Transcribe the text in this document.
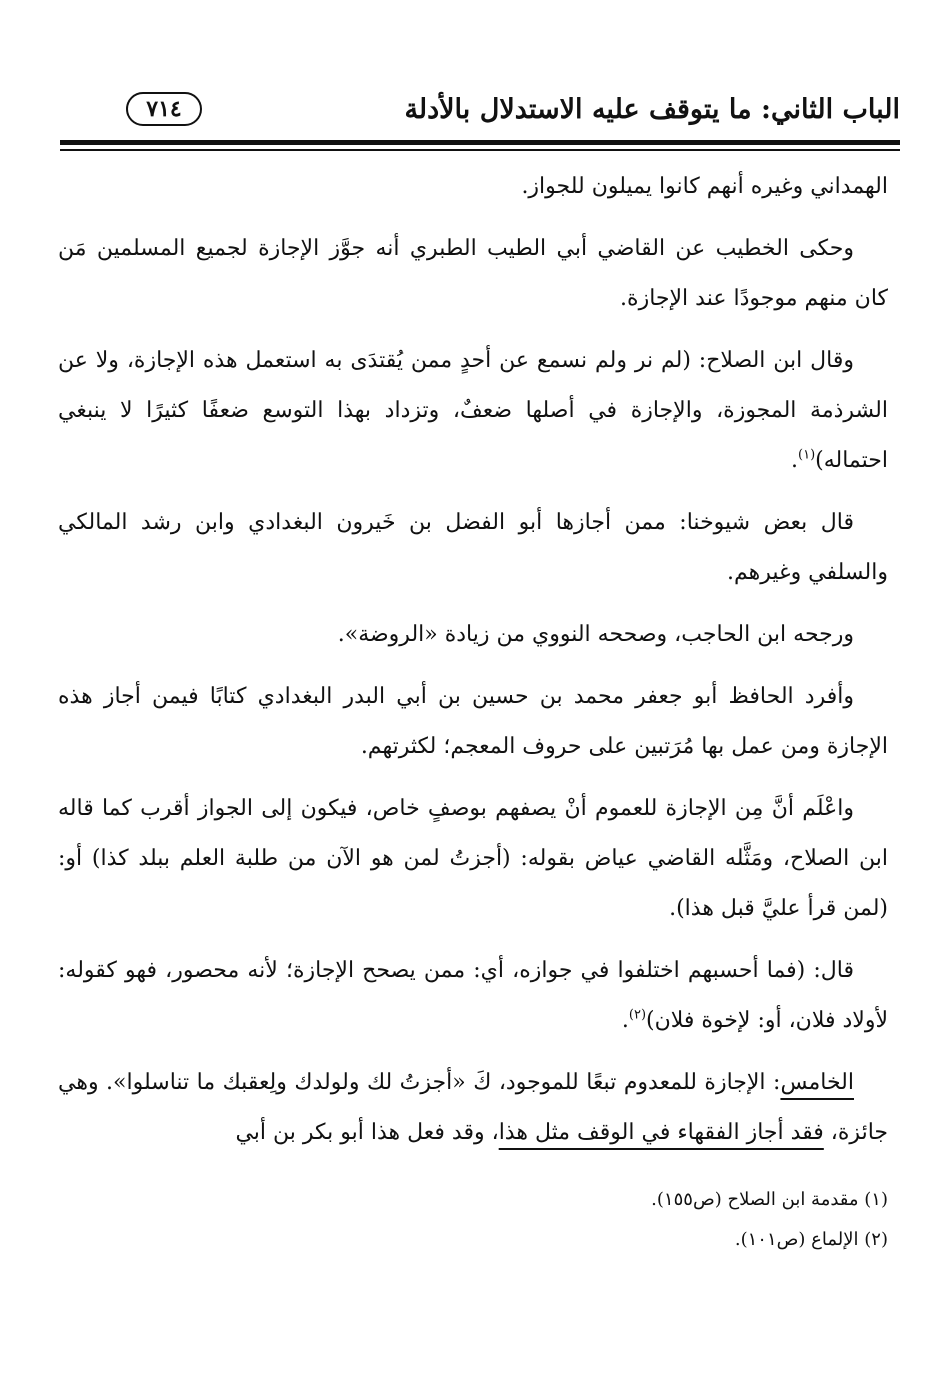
الباب الثاني: ما يتوقف عليه الاستدلال بالأدلة
٧١٤

الهمداني وغيره أنهم كانوا يميلون للجواز.

وحكى الخطيب عن القاضي أبي الطيب الطبري أنه جوَّز الإجازة لجميع المسلمين مَن كان منهم موجودًا عند الإجازة.

وقال ابن الصلاح: (لم نر ولم نسمع عن أحدٍ ممن يُقتدَى به استعمل هذه الإجازة، ولا عن الشرذمة المجوزة، والإجازة في أصلها ضعفٌ، وتزداد بهذا التوسع ضعفًا كثيرًا لا ينبغي احتماله)$^{(١)}$.

قال بعض شيوخنا: ممن أجازها أبو الفضل بن خَيرون البغدادي وابن رشد المالكي والسلفي وغيرهم.

ورجحه ابن الحاجب، وصححه النووي من زيادة «الروضة».

وأفرد الحافظ أبو جعفر محمد بن حسين بن أبي البدر البغدادي كتابًا فيمن أجاز هذه الإجازة ومن عمل بها مُرَتبين على حروف المعجم؛ لكثرتهم.

واعْلَم أنَّ مِن الإجازة للعموم أنْ يصفهم بوصفٍ خاص، فيكون إلى الجواز أقرب كما قاله ابن الصلاح، ومَثَّله القاضي عياض بقوله: (أجزتُ لمن هو الآن من طلبة العلم ببلد كذا) أو: (لمن قرأ عليَّ قبل هذا).

قال: (فما أحسبهم اختلفوا في جوازه، أي: ممن يصحح الإجازة؛ لأنه محصور، فهو كقوله: لأولاد فلان، أو: لإخوة فلان)$^{(٢)}$.

الخامس: الإجازة للمعدوم تبعًا للموجود، كَ «أجزتُ لك ولولدك ولِعقبك ما تناسلوا». وهي جائزة، فقد أجاز الفقهاء في الوقف مثل هذا، وقد فعل هذا أبو بكر بن أبي

(١) مقدمة ابن الصلاح (ص١٥٥).

(٢) الإلماع (ص١٠١).
